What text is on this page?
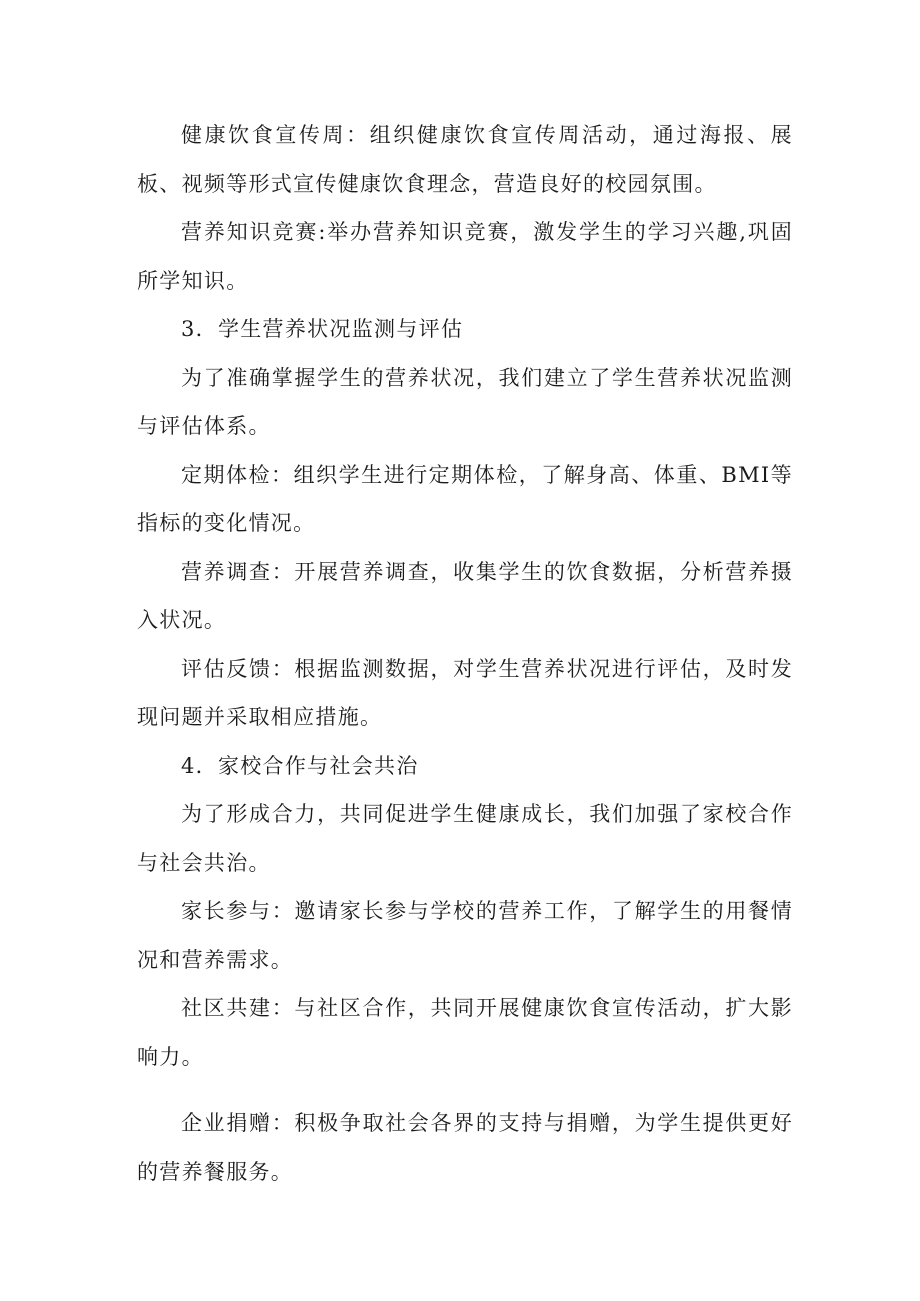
健康饮食宣传周：组织健康饮食宣传周活动，通过海报、展板、视频等形式宣传健康饮食理念，营造良好的校园氛围。

营养知识竞赛:举办营养知识竞赛，激发学生的学习兴趣,巩固所学知识。

3．学生营养状况监测与评估

为了准确掌握学生的营养状况，我们建立了学生营养状况监测与评估体系。

定期体检：组织学生进行定期体检，了解身高、体重、BMI等指标的变化情况。

营养调查：开展营养调查，收集学生的饮食数据，分析营养摄入状况。

评估反馈：根据监测数据，对学生营养状况进行评估，及时发现问题并采取相应措施。

4．家校合作与社会共治

为了形成合力，共同促进学生健康成长，我们加强了家校合作与社会共治。

家长参与：邀请家长参与学校的营养工作，了解学生的用餐情况和营养需求。

社区共建：与社区合作，共同开展健康饮食宣传活动，扩大影响力。

企业捐赠：积极争取社会各界的支持与捐赠，为学生提供更好的营养餐服务。
